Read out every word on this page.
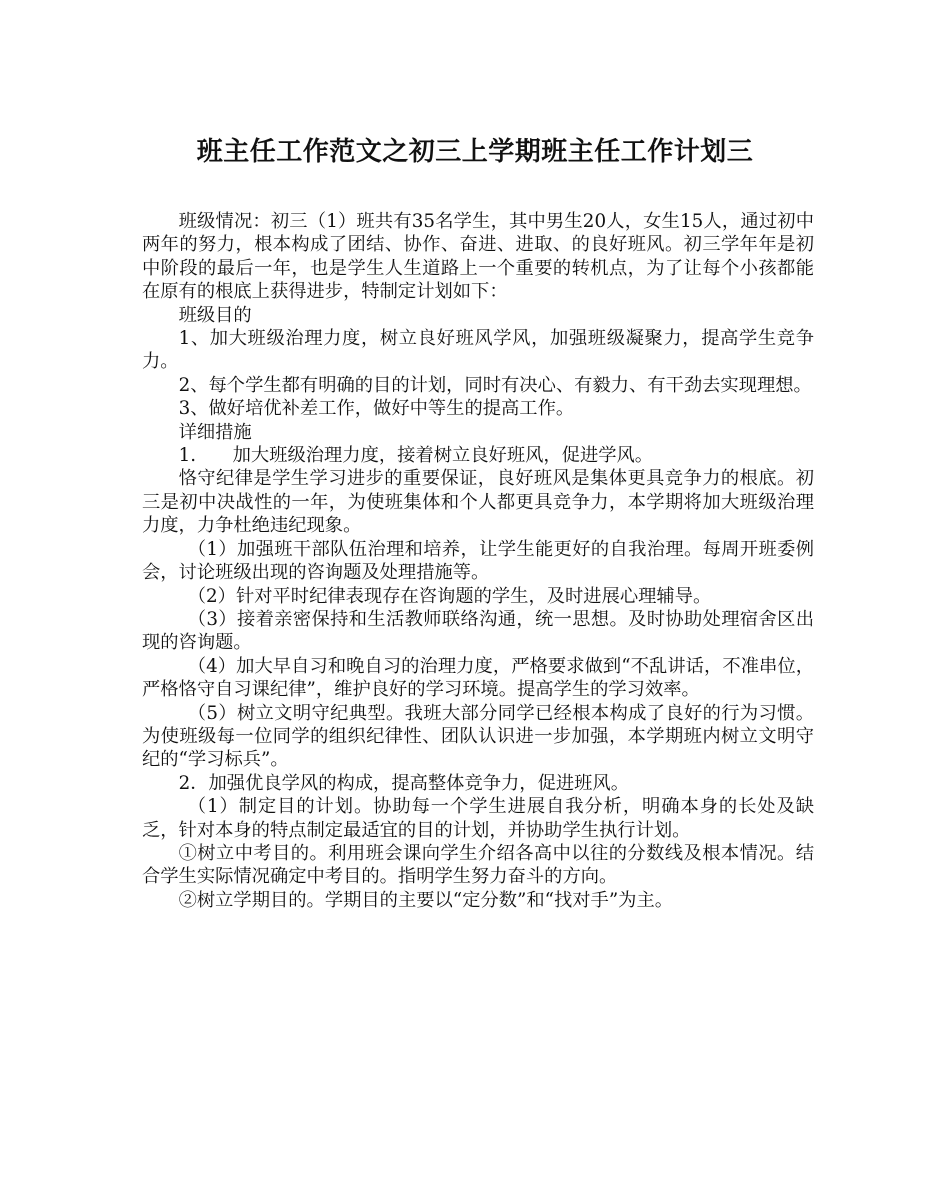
班主任工作范文之初三上学期班主任工作计划三

班级情况：初三（1）班共有35名学生，其中男生20人，女生15人，通过初中两年的努力，根本构成了团结、协作、奋进、进取、的良好班风。初三学年年是初中阶段的最后一年，也是学生人生道路上一个重要的转机点，为了让每个小孩都能在原有的根底上获得进步，特制定计划如下：

班级目的

1、加大班级治理力度，树立良好班风学风，加强班级凝聚力，提高学生竞争力。

2、每个学生都有明确的目的计划，同时有决心、有毅力、有干劲去实现理想。

3、做好培优补差工作，做好中等生的提高工作。

详细措施

1.　　加大班级治理力度，接着树立良好班风，促进学风。

恪守纪律是学生学习进步的重要保证，良好班风是集体更具竞争力的根底。初三是初中决战性的一年，为使班集体和个人都更具竞争力，本学期将加大班级治理力度，力争杜绝违纪现象。

（1）加强班干部队伍治理和培养，让学生能更好的自我治理。每周开班委例会，讨论班级出现的咨询题及处理措施等。

（2）针对平时纪律表现存在咨询题的学生，及时进展心理辅导。

（3）接着亲密保持和生活教师联络沟通，统一思想。及时协助处理宿舍区出现的咨询题。

（4）加大早自习和晚自习的治理力度，严格要求做到“不乱讲话，不准串位，严格恪守自习课纪律”，维护良好的学习环境。提高学生的学习效率。

（5）树立文明守纪典型。我班大部分同学已经根本构成了良好的行为习惯。为使班级每一位同学的组织纪律性、团队认识进一步加强，本学期班内树立文明守纪的“学习标兵”。

2．加强优良学风的构成，提高整体竞争力，促进班风。

（1）制定目的计划。协助每一个学生进展自我分析，明确本身的长处及缺乏，针对本身的特点制定最适宜的目的计划，并协助学生执行计划。

①树立中考目的。利用班会课向学生介绍各高中以往的分数线及根本情况。结合学生实际情况确定中考目的。指明学生努力奋斗的方向。

②树立学期目的。学期目的主要以“定分数”和“找对手”为主。
